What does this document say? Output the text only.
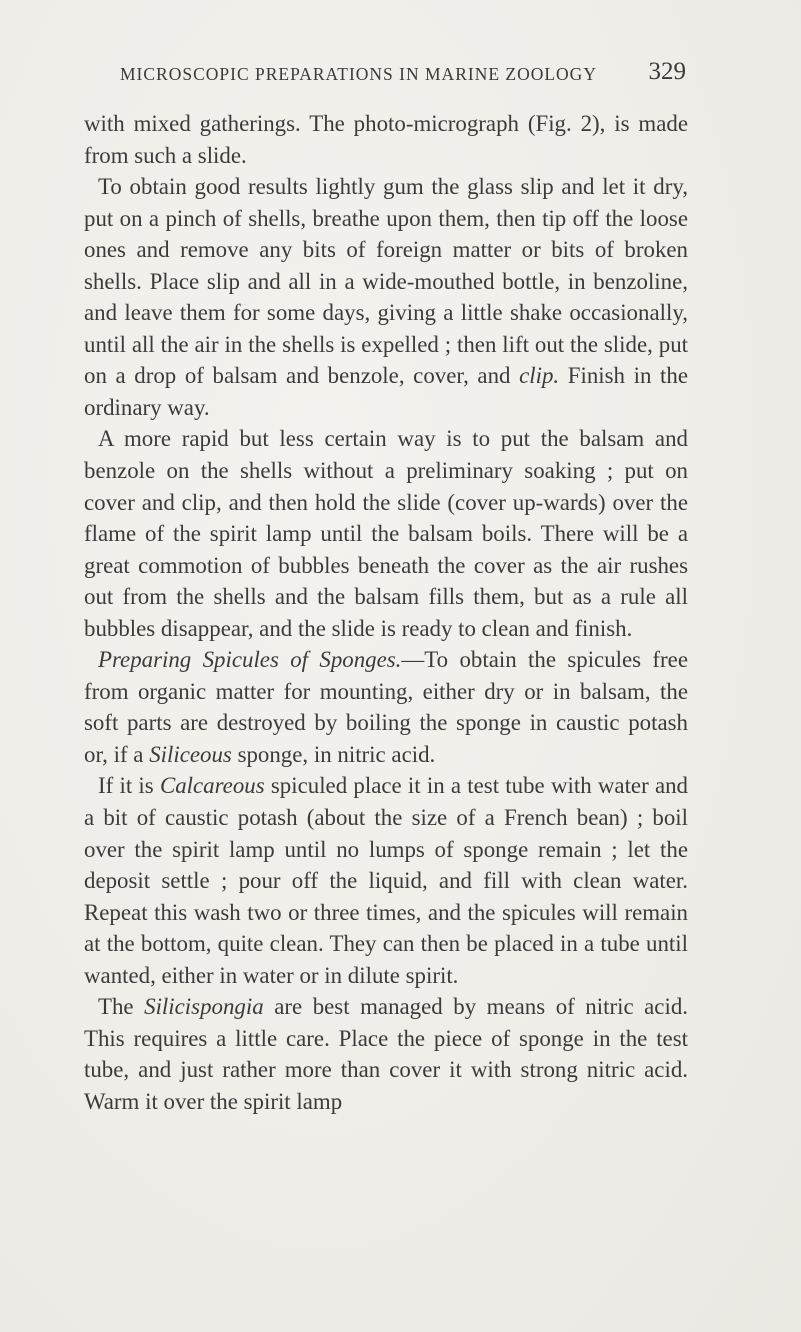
MICROSCOPIC PREPARATIONS IN MARINE ZOOLOGY 329

with mixed gatherings. The photo-micrograph (Fig. 2), is made from such a slide.

To obtain good results lightly gum the glass slip and let it dry, put on a pinch of shells, breathe upon them, then tip off the loose ones and remove any bits of foreign matter or bits of broken shells. Place slip and all in a wide-mouthed bottle, in benzoline, and leave them for some days, giving a little shake occasionally, until all the air in the shells is expelled ; then lift out the slide, put on a drop of balsam and benzole, cover, and clip. Finish in the ordinary way.

A more rapid but less certain way is to put the balsam and benzole on the shells without a preliminary soaking ; put on cover and clip, and then hold the slide (cover up-wards) over the flame of the spirit lamp until the balsam boils. There will be a great commotion of bubbles beneath the cover as the air rushes out from the shells and the balsam fills them, but as a rule all bubbles disappear, and the slide is ready to clean and finish.

Preparing Spicules of Sponges.—To obtain the spicules free from organic matter for mounting, either dry or in balsam, the soft parts are destroyed by boiling the sponge in caustic potash or, if a Siliceous sponge, in nitric acid.

If it is Calcareous spiculed place it in a test tube with water and a bit of caustic potash (about the size of a French bean) ; boil over the spirit lamp until no lumps of sponge remain ; let the deposit settle ; pour off the liquid, and fill with clean water. Repeat this wash two or three times, and the spicules will remain at the bottom, quite clean. They can then be placed in a tube until wanted, either in water or in dilute spirit.

The Silicispongia are best managed by means of nitric acid. This requires a little care. Place the piece of sponge in the test tube, and just rather more than cover it with strong nitric acid. Warm it over the spirit lamp
